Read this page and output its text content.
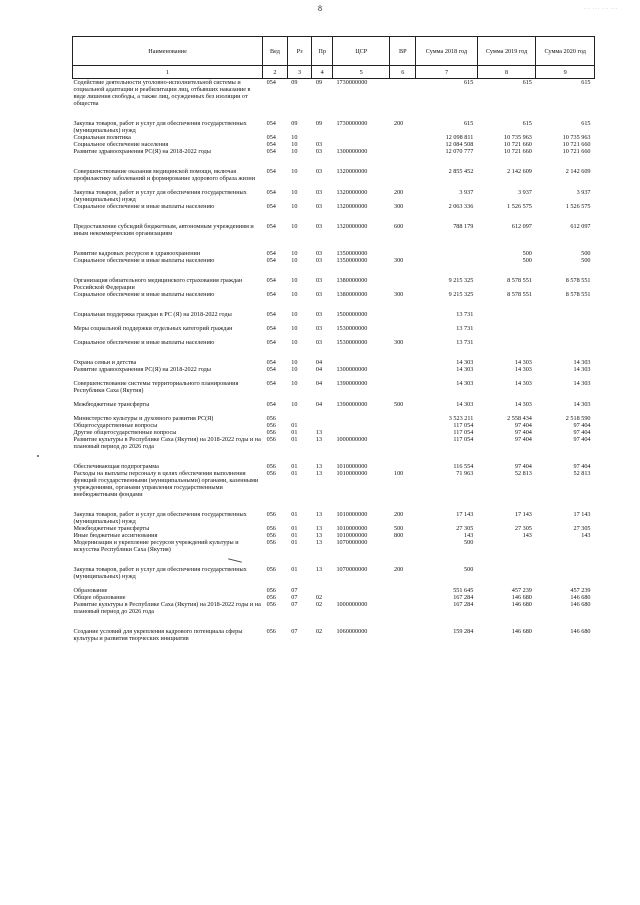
8	... ... ... ...
Наименование	Вед	Рз	Пр	ЦСР	ВР	Сумма 2018 год	Сумма 2019 год	Сумма 2020 год
1	2	3	4	5	6	7	8	9
Содействие деятельности уголовно-исполнительной системы и социальной адаптации и реабилитации лиц, отбывших наказание в виде лишения свободы, а также лиц, осужденных без изоляции от общества	054	09	09	1730000000		615	615	615
Закупка товаров, работ и услуг для обеспечения государственных (муниципальных) нужд	054	09	09	1730000000	200	615	615	615
Социальная политика	054	10				12 098 811	10 735 963	10 735 963
Социальное обеспечение населения	054	10	03			12 084 508	10 721 660	10 721 660
Развитие здравоохранения РС(Я) на 2018-2022 годы	054	10	03	1300000000		12 070 777	10 721 660	10 721 660
Совершенствование оказания медицинской помощи, включая профилактику заболеваний и формирование здорового образа жизни	054	10	03	1320000000		2 855 452	2 142 609	2 142 609
Закупка товаров, работ и услуг для обеспечения государственных (муниципальных) нужд	054	10	03	1320000000	200	3 937	3 937	3 937
Социальное обеспечение и иные выплаты населению	054	10	03	1320000000	300	2 063 336	1 526 575	1 526 575
Предоставление субсидий бюджетным, автономным учреждениям и иным некоммерческим организациям	054	10	03	1320000000	600	788 179	612 097	612 097
Развитие кадровых ресурсов в здравоохранении	054	10	03	1350000000			500	500
Социальное обеспечение и иные выплаты населению	054	10	03	1350000000	300		500	500
Организация обязательного медицинского страхования граждан Российской Федерации	054	10	03	1380000000		9 215 325	8 578 551	8 578 551
Социальное обеспечение и иные выплаты населению	054	10	03	1380000000	300	9 215 325	8 578 551	8 578 551
Социальная поддержка граждан в РС (Я) на 2018-2022 годы	054	10	03	1500000000		13 731		
Меры социальной поддержки отдельных категорий граждан	054	10	03	1530000000		13 731		
Социальное обеспечение и иные выплаты населению	054	10	03	1530000000	300	13 731		
Охрана семьи и детства	054	10	04			14 303	14 303	14 303
Развитие здравоохранения РС(Я) на 2018-2022 годы	054	10	04	1300000000		14 303	14 303	14 303
Совершенствование системы территориального планирования Республики Саха (Якутия)	054	10	04	1390000000		14 303	14 303	14 303
Межбюджетные трансферты	054	10	04	1390000000	500	14 303	14 303	14 303
Министерство культуры и духовного развития РС(Я)	056					3 523 211	2 558 434	2 518 590
Общегосударственные вопросы	056	01				117 054	97 404	97 404
Другие общегосударственные вопросы	056	01	13			117 054	97 404	97 404
Развитие культуры в Республике Саха (Якутия) на 2018-2022 годы и на плановый период до 2026 года	056	01	13	1000000000		117 054	97 404	97 404
Обеспечивающая подпрограмма	056	01	13	1010000000		116 554	97 404	97 404
Расходы на выплаты персоналу в целях обеспечения выполнения функций государственными (муниципальными) органами, казенными учреждениями, органами управления государственными внебюджетными фондами	056	01	13	1010000000	100	71 963	52 813	52 813
Закупка товаров, работ и услуг для обеспечения государственных (муниципальных) нужд	056	01	13	1010000000	200	17 143	17 143	17 143
Межбюджетные трансферты	056	01	13	1010000000	500	27 305	27 305	27 305
Иные бюджетные ассигнования	056	01	13	1010000000	800	143	143	143
Модернизация и укрепление ресурсов учреждений культуры и искусства Республики Саха (Якутия)	056	01	13	1070000000		500		
Закупка товаров, работ и услуг для обеспечения государственных (муниципальных) нужд	056	01	13	1070000000	200	500		
Образование	056	07				551 645	457 239	457 239
Общее образование	056	07	02			167 284	146 680	146 680
Развитие культуры в Республике Саха (Якутия) на 2018-2022 годы и на плановый период до 2026 года	056	07	02	1000000000		167 284	146 680	146 680
Создание условий для укрепления кадрового потенциала сферы культуры и развития творческих инициатив	056	07	02	1060000000		159 284	146 680	146 680
